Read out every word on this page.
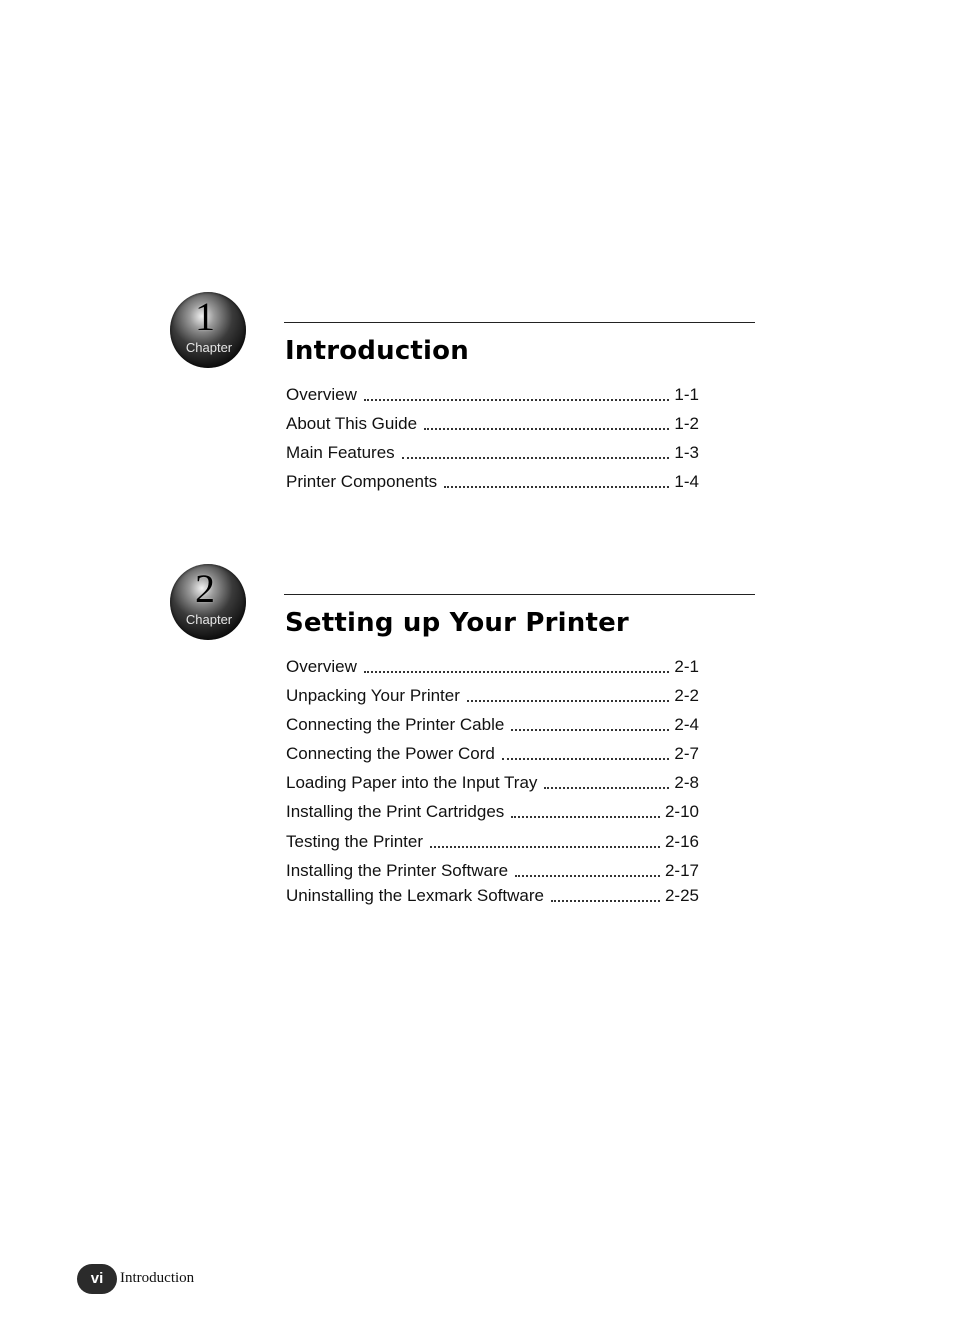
1
Chapter	Introduction
Overview	1-1
About This Guide	1-2
Main Features	1-3
Printer Components	1-4
2
Chapter	Setting up Your Printer
Overview	2-1
Unpacking Your Printer	2-2
Connecting the Printer Cable	2-4
Connecting the Power Cord	2-7
Loading Paper into the Input Tray	2-8
Installing the Print Cartridges	2-10
Testing the Printer	2-16
Installing the Printer Software	2-17
Uninstalling the Lexmark Software	2-25
vi	Introduction
